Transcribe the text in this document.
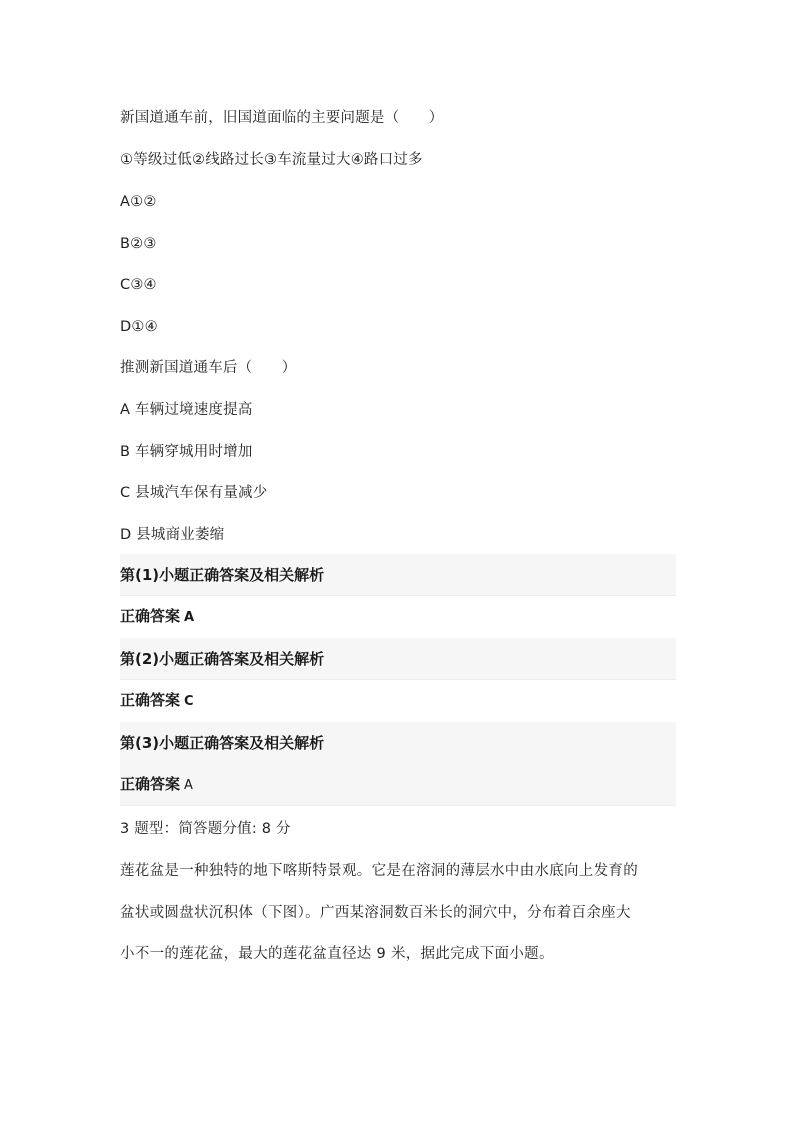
新国道通车前，旧国道面临的主要问题是（　　）
①等级过低②线路过长③车流量过大④路口过多
A①②
B②③
C③④
D①④
推测新国道通车后（　　）
A 车辆过境速度提高
B 车辆穿城用时增加
C 县城汽车保有量减少
D 县城商业萎缩
第(1)小题正确答案及相关解析
正确答案 A
第(2)小题正确答案及相关解析
正确答案 C
第(3)小题正确答案及相关解析
正确答案 A
3 题型：简答题分值: 8 分
莲花盆是一种独特的地下喀斯特景观。它是在溶洞的薄层水中由水底向上发育的
盆状或圆盘状沉积体（下图）。广西某溶洞数百米长的洞穴中，分布着百余座大
小不一的莲花盆，最大的莲花盆直径达 9 米，据此完成下面小题。
